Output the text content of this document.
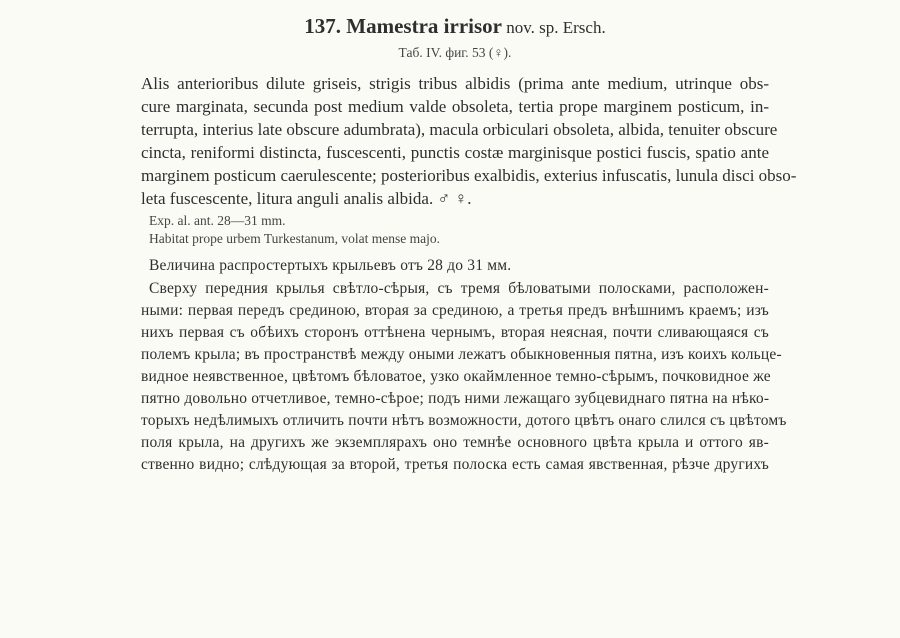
137. Mamestra irrisor nov. sp. Ersch.
Таб. IV. фиг. 53 (♀).
Alis anterioribus dilute griseis, strigis tribus albidis (prima ante medium, utrinque obs-
cure marginata, secunda post medium valde obsoleta, tertia prope marginem posticum, in-
terrupta, interius late obscure adumbrata), macula orbiculari obsoleta, albida, tenuiter obscure
cincta, reniformi distincta, fuscescenti, punctis costæ marginisque postici fuscis, spatio ante
marginem posticum caerulescente; posterioribus exalbidis, exterius infuscatis, lunula disci obso-
leta fuscescente, litura anguli analis albida. ♂ ♀.
Exp. al. ant. 28—31 mm.
Habitat prope urbem Turkestanum, volat mense majo.
Величина распростертыхъ крыльевъ отъ 28 до 31 мм.
Сверху передния крылья свѣтло-сѣрыя, съ тремя бѣловатыми полосками, расположен-
ными: первая передъ срединою, вторая за срединою, а третья предъ внѣшнимъ краемъ; изъ
нихъ первая съ обѣихъ сторонъ оттѣнена чернымъ, вторая неясная, почти сливающаяся съ
полемъ крыла; въ пространствѣ между оными лежатъ обыкновенныя пятна, изъ коихъ кольце-
видное неявственное, цвѣтомъ бѣловатое, узко окаймленное темно-сѣрымъ, почковидное же
пятно довольно отчетливое, темно-сѣрое; подъ ними лежащаго зубцевиднаго пятна на нѣко-
торыхъ недѣлимыхъ отличить почти нѣтъ возможности, дотого цвѣтъ онаго слился съ цвѣтомъ
поля крыла, на другихъ же экземплярахъ оно темнѣе основного цвѣта крыла и оттого яв-
ственно видно; слѣдующая за второй, третья полоска есть самая явственная, рѣзче другихъ
